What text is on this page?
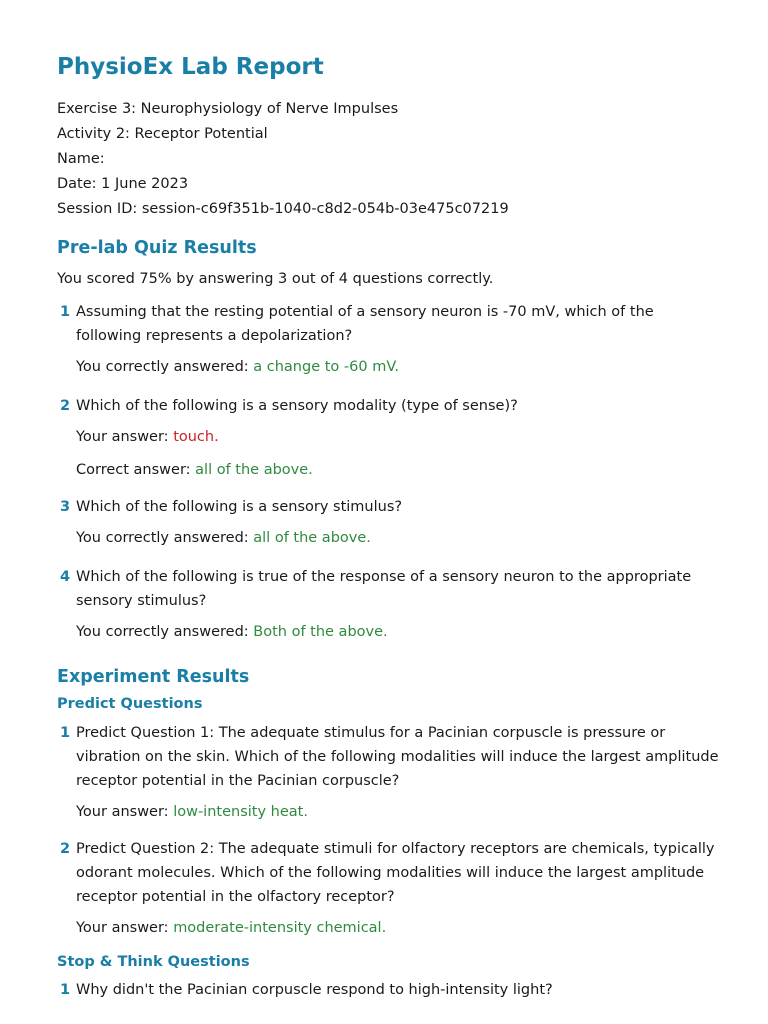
PhysioEx Lab Report
Exercise 3: Neurophysiology of Nerve Impulses
Activity 2: Receptor Potential
Name:
Date: 1 June 2023
Session ID: session-c69f351b-1040-c8d2-054b-03e475c07219
Pre-lab Quiz Results
You scored 75% by answering 3 out of 4 questions correctly.
1 Assuming that the resting potential of a sensory neuron is -70 mV, which of the following represents a depolarization?
You correctly answered: a change to -60 mV.
2 Which of the following is a sensory modality (type of sense)?
Your answer: touch.
Correct answer: all of the above.
3 Which of the following is a sensory stimulus?
You correctly answered: all of the above.
4 Which of the following is true of the response of a sensory neuron to the appropriate sensory stimulus?
You correctly answered: Both of the above.
Experiment Results
Predict Questions
1 Predict Question 1: The adequate stimulus for a Pacinian corpuscle is pressure or vibration on the skin. Which of the following modalities will induce the largest amplitude receptor potential in the Pacinian corpuscle?
Your answer: low-intensity heat.
2 Predict Question 2: The adequate stimuli for olfactory receptors are chemicals, typically odorant molecules. Which of the following modalities will induce the largest amplitude receptor potential in the olfactory receptor?
Your answer: moderate-intensity chemical.
Stop & Think Questions
1 Why didn't the Pacinian corpuscle respond to high-intensity light?
